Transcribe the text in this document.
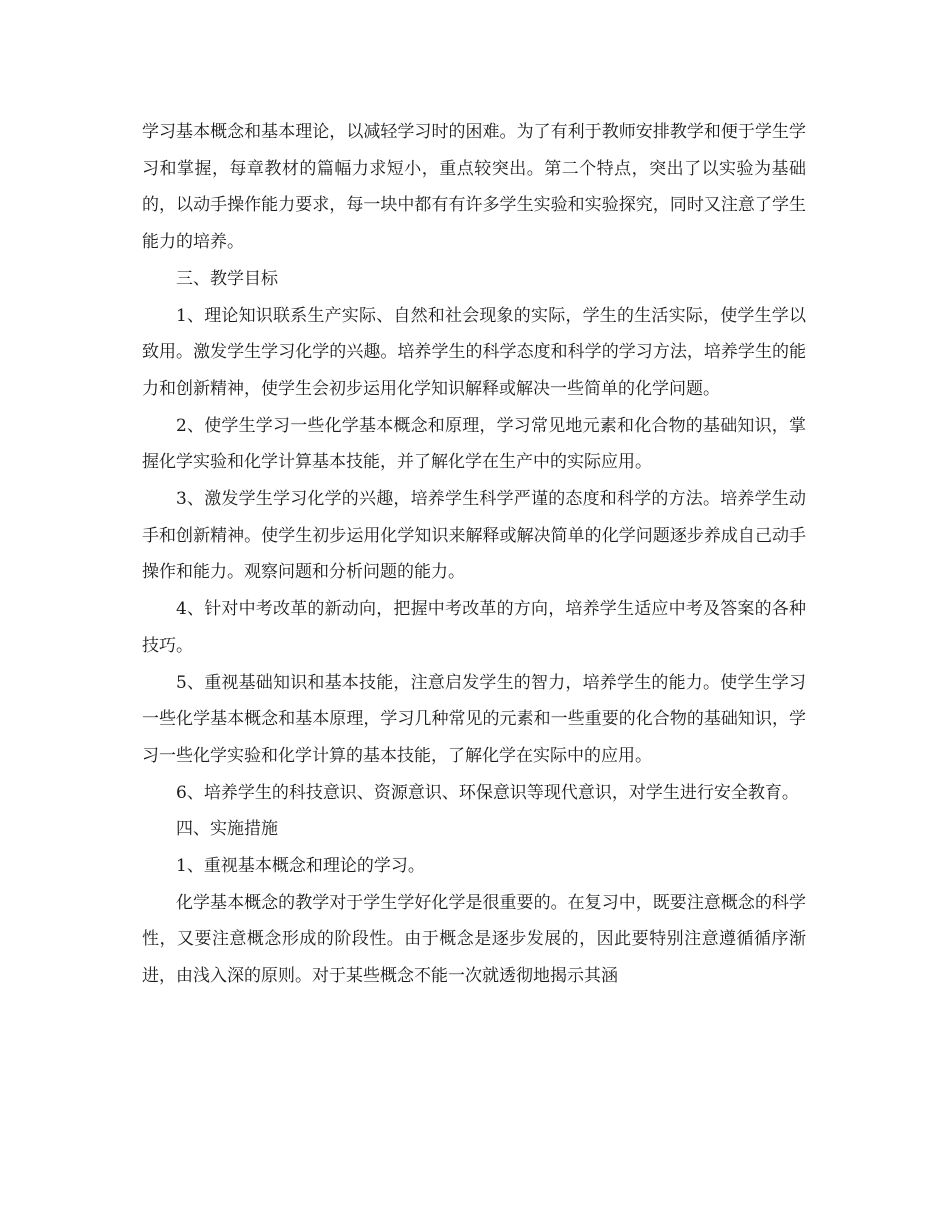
学习基本概念和基本理论，以减轻学习时的困难。为了有利于教师安排教学和便于学生学习和掌握，每章教材的篇幅力求短小，重点较突出。第二个特点，突出了以实验为基础的，以动手操作能力要求，每一块中都有有许多学生实验和实验探究，同时又注意了学生能力的培养。

三、教学目标

1、理论知识联系生产实际、自然和社会现象的实际，学生的生活实际，使学生学以致用。激发学生学习化学的兴趣。培养学生的科学态度和科学的学习方法，培养学生的能力和创新精神，使学生会初步运用化学知识解释或解决一些简单的化学问题。

2、使学生学习一些化学基本概念和原理，学习常见地元素和化合物的基础知识，掌握化学实验和化学计算基本技能，并了解化学在生产中的实际应用。

3、激发学生学习化学的兴趣，培养学生科学严谨的态度和科学的方法。培养学生动手和创新精神。使学生初步运用化学知识来解释或解决简单的化学问题逐步养成自己动手操作和能力。观察问题和分析问题的能力。

4、针对中考改革的新动向，把握中考改革的方向，培养学生适应中考及答案的各种技巧。

5、重视基础知识和基本技能，注意启发学生的智力，培养学生的能力。使学生学习一些化学基本概念和基本原理，学习几种常见的元素和一些重要的化合物的基础知识，学习一些化学实验和化学计算的基本技能，了解化学在实际中的应用。

6、培养学生的科技意识、资源意识、环保意识等现代意识，对学生进行安全教育。

四、实施措施

1、重视基本概念和理论的学习。

化学基本概念的教学对于学生学好化学是很重要的。在复习中，既要注意概念的科学性，又要注意概念形成的阶段性。由于概念是逐步发展的，因此要特别注意遵循循序渐进，由浅入深的原则。对于某些概念不能一次就透彻地揭示其涵
